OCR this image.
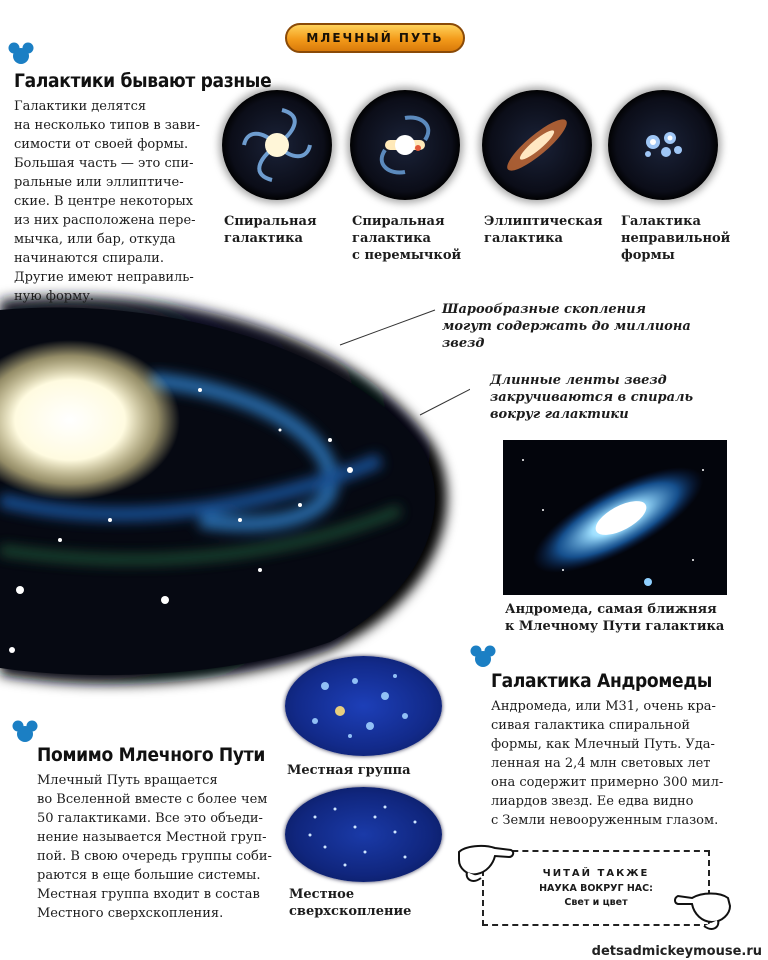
МЛЕЧНЫЙ ПУТЬ
Галактики бывают разные
Галактики делятся
на несколько типов в зави-
симости от своей формы.
Большая часть — это спи-
ральные или эллиптиче-
ские. В центре некоторых
из них расположена пере-
мычка, или бар, откуда
начинаются спирали.
Другие имеют неправиль-
ную форму.
Спиральная
галактика
Спиральная
галактика
с перемычкой
Эллиптическая
галактика
Галактика
неправильной
формы
Шарообразные скопления
могут содержать до миллиона
звезд
Длинные ленты звезд
закручиваются в спираль
вокруг галактики
Андромеда, самая ближняя
к Млечному Пути галактика
Галактика Андромеды
Андромеда, или М31, очень кра-
сивая галактика спиральной
формы, как Млечный Путь. Уда-
ленная на 2,4 млн световых лет
она содержит примерно 300 мил-
лиардов звезд. Ее едва видно
с Земли невооруженным глазом.
Местная группа
Местное
сверхскопление
Помимо Млечного Пути
Млечный Путь вращается
во Вселенной вместе с более чем
50 галактиками. Все это объеди-
нение называется Местной груп-
пой. В свою очередь группы соби-
раются в еще большие системы.
Местная группа входит в состав
Местного сверхскопления.
ЧИТАЙ ТАКЖЕ
НАУКА ВОКРУГ НАС:
Свет и цвет
detsadmickeymouse.ru
